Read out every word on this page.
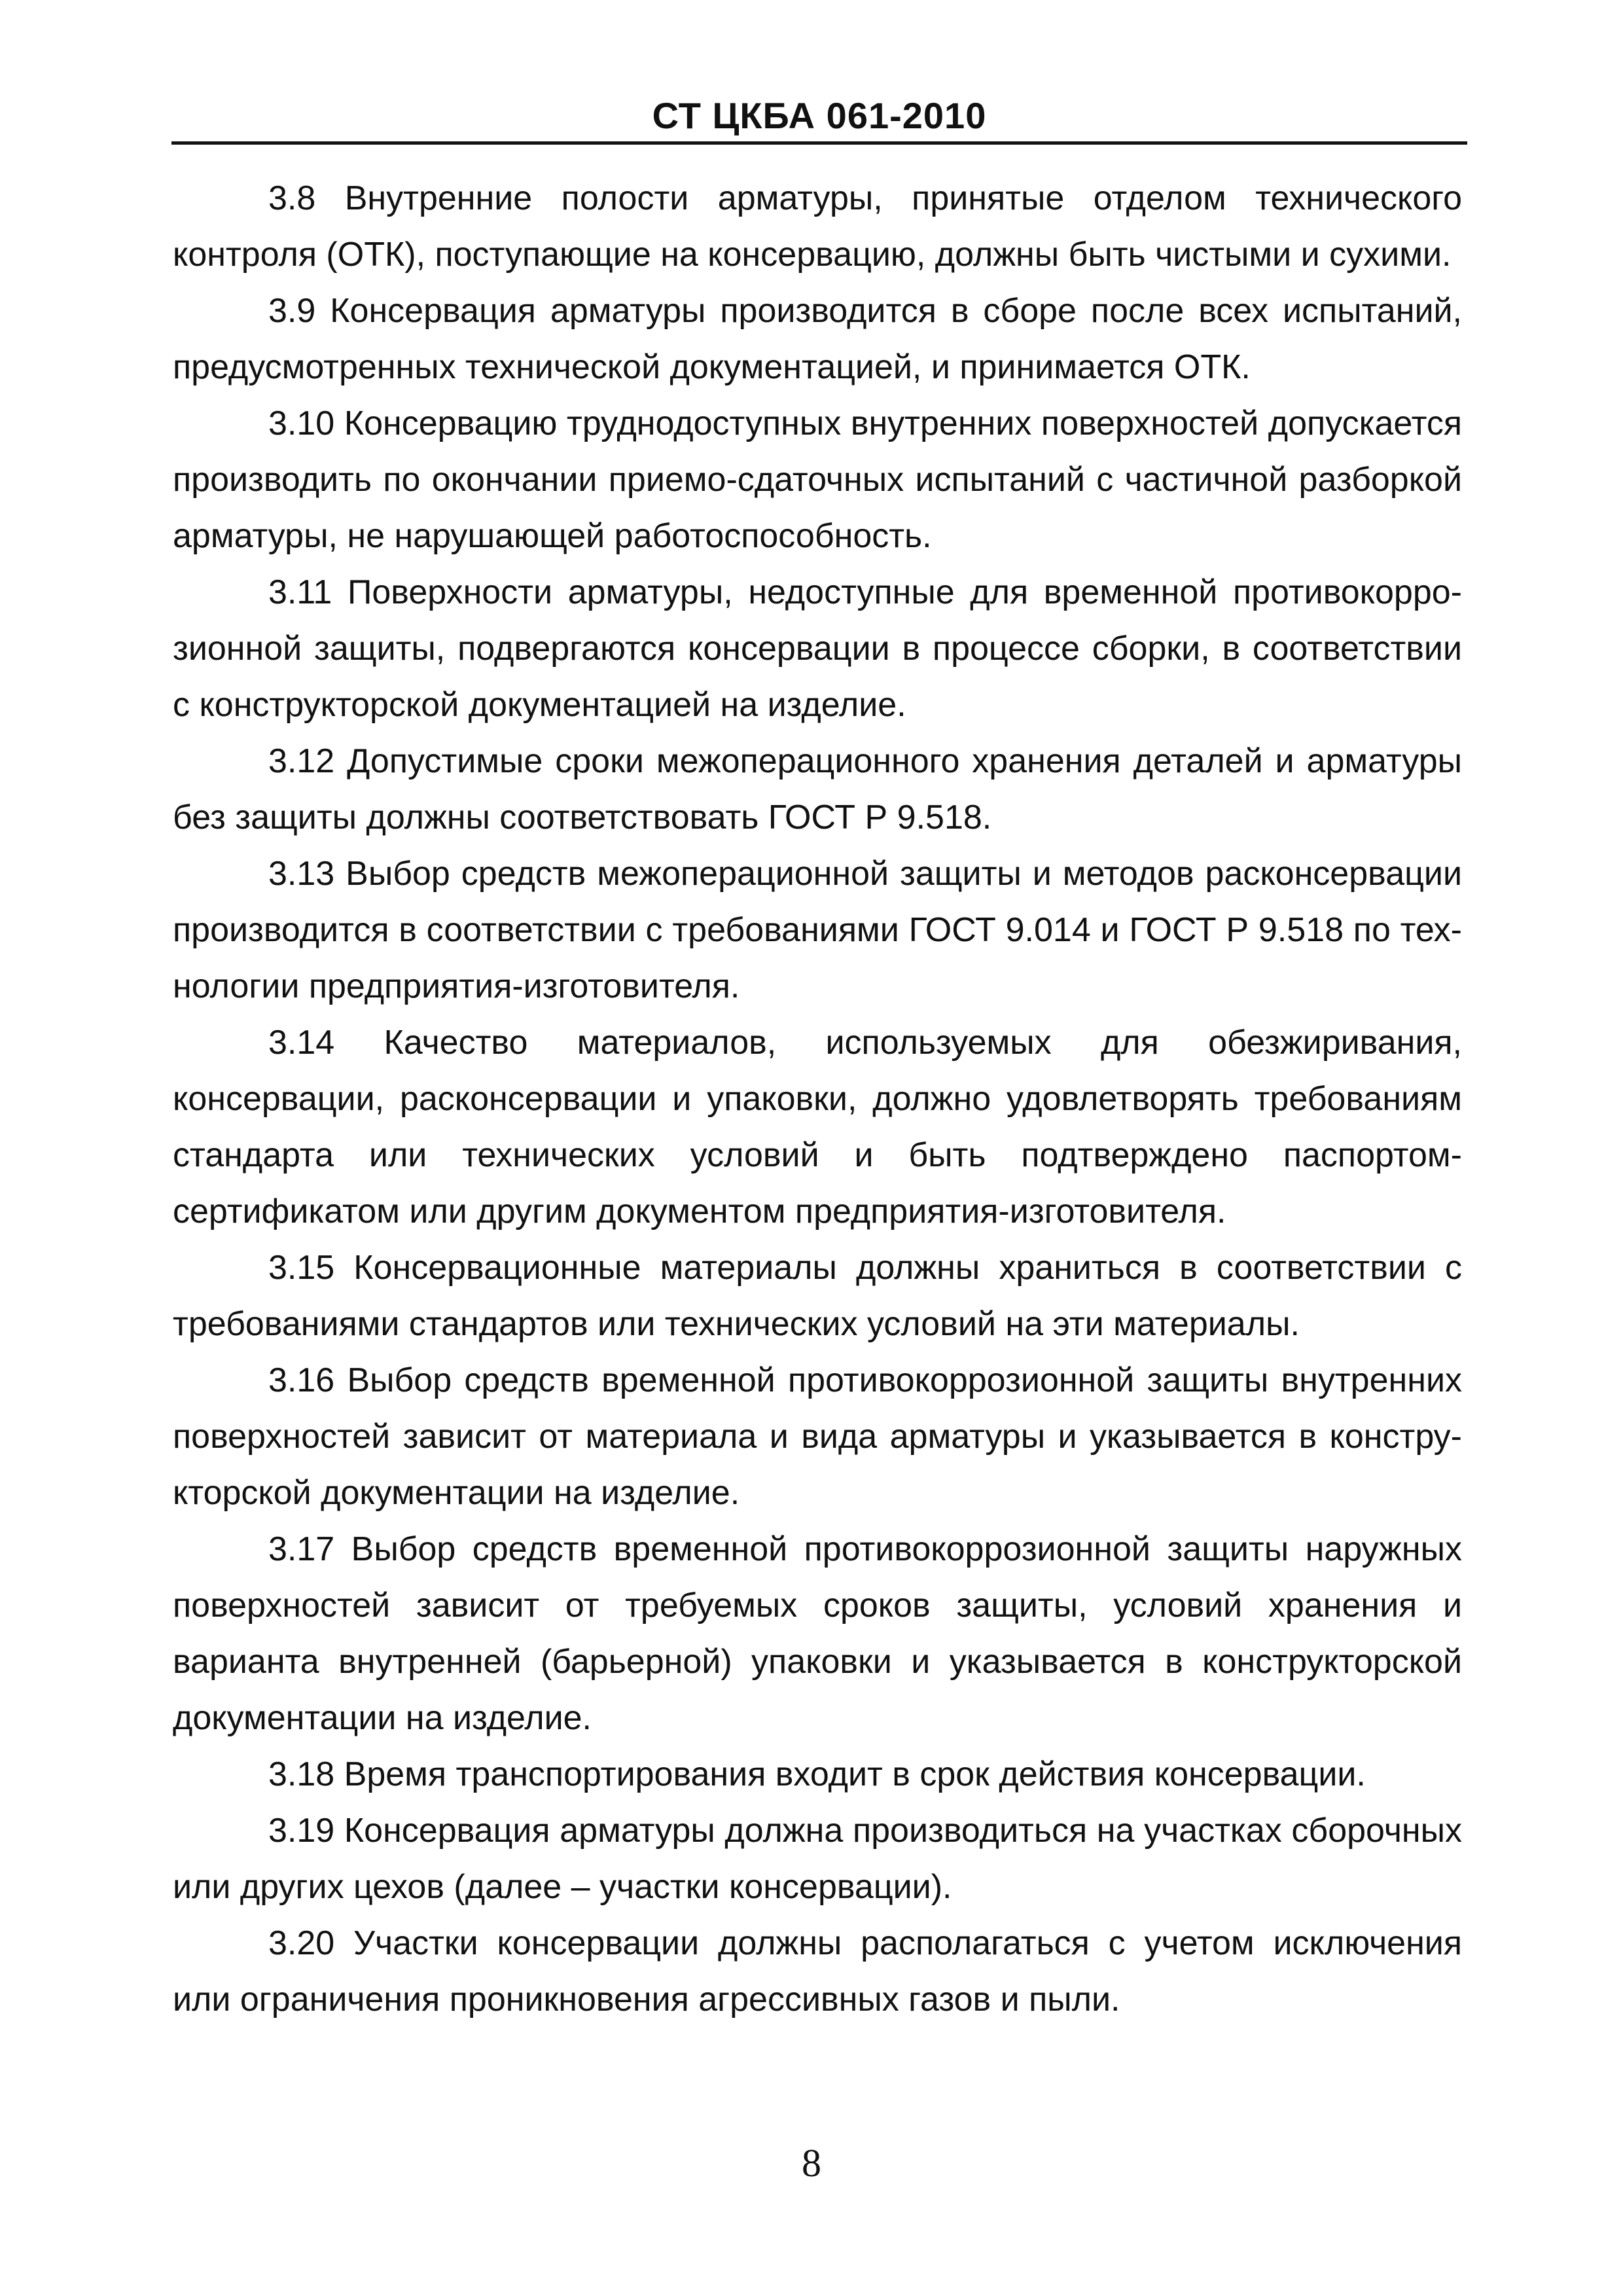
СТ ЦКБА 061-2010

3.8 Внутренние полости арматуры, принятые отделом технического контроля (ОТК), поступающие на консервацию, должны быть чистыми и сухими.

3.9 Консервация арматуры производится в сборе после всех испытаний, предусмотренных технической документацией, и принимается ОТК.

3.10 Консервацию труднодоступных внутренних поверхностей допускается производить по окончании приемо-сдаточных испытаний с частичной разборкой арматуры, не нарушающей работоспособность.

3.11 Поверхности арматуры, недоступные для временной противокоррозионной защиты, подвергаются консервации в процессе сборки, в соответствии с конструкторской документацией на изделие.

3.12 Допустимые сроки межоперационного хранения деталей и арматуры без защиты должны соответствовать ГОСТ Р 9.518.

3.13 Выбор средств межоперационной защиты и методов расконсервации производится в соответствии с требованиями ГОСТ 9.014 и ГОСТ Р 9.518 по технологии предприятия-изготовителя.

3.14 Качество материалов, используемых для обезжиривания, консервации, расконсервации и упаковки, должно удовлетворять требованиям стандарта или технических условий и быть подтверждено паспортом-сертификатом или другим документом предприятия-изготовителя.

3.15 Консервационные материалы должны храниться в соответствии с требованиями стандартов или технических условий на эти материалы.

3.16 Выбор средств временной противокоррозионной защиты внутренних поверхностей зависит от материала и вида арматуры и указывается в конструкторской документации на изделие.

3.17 Выбор средств временной противокоррозионной защиты наружных поверхностей зависит от требуемых сроков защиты, условий хранения и варианта внутренней (барьерной) упаковки и указывается в конструкторской документации на изделие.

3.18 Время транспортирования входит в срок действия консервации.

3.19 Консервация арматуры должна производиться на участках сборочных или других цехов (далее – участки консервации).

3.20 Участки консервации должны располагаться с учетом исключения или ограничения проникновения агрессивных газов и пыли.

8
